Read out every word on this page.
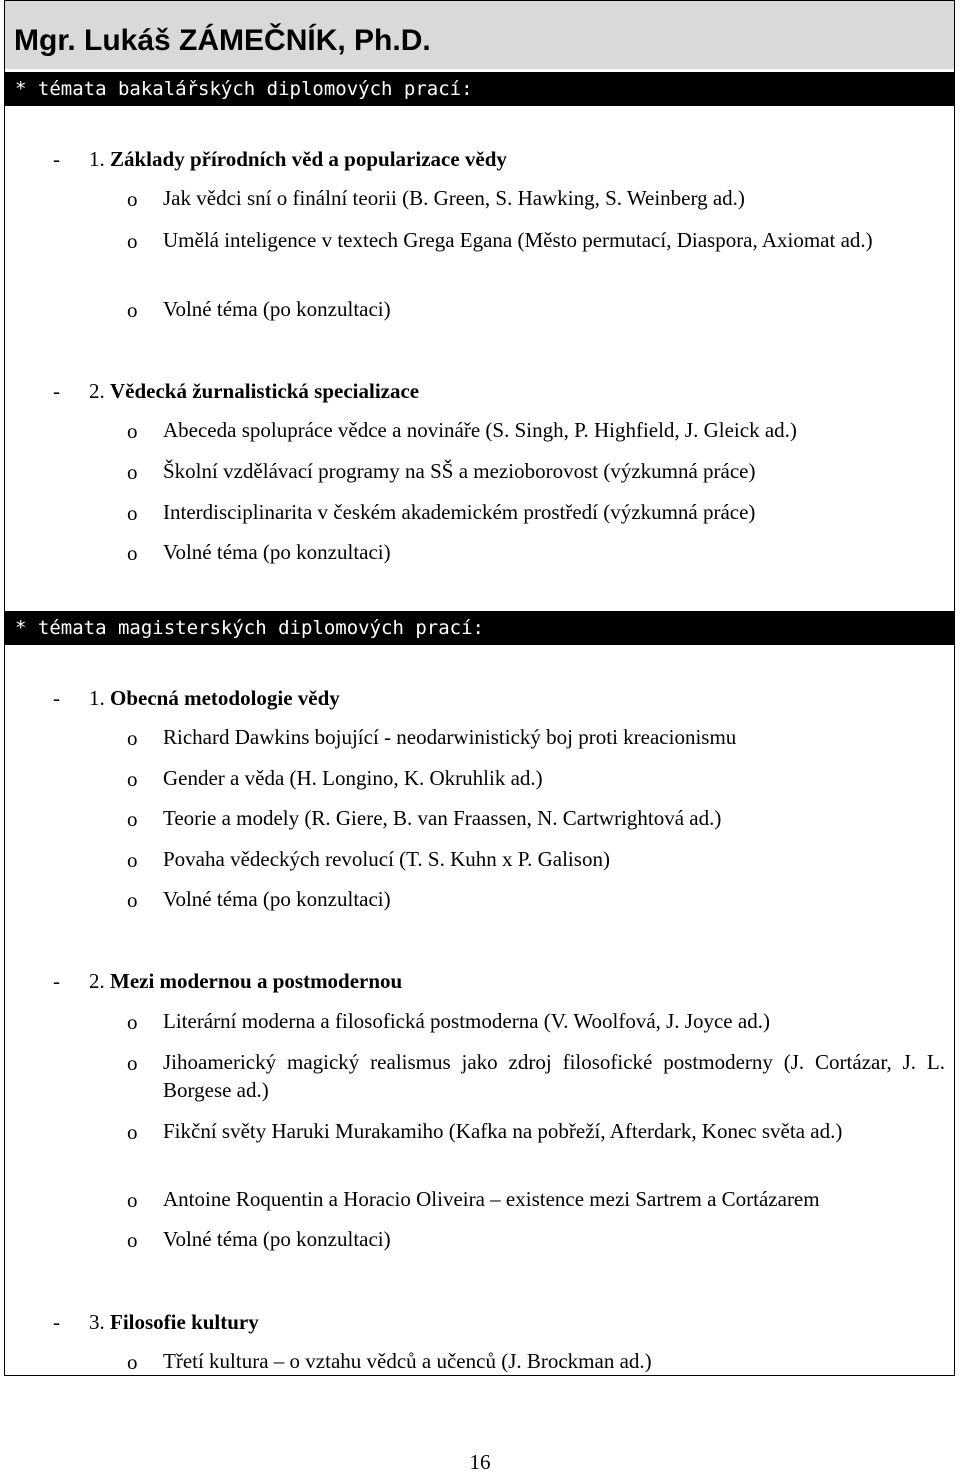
Mgr. Lukáš ZÁMEČNÍK, Ph.D.
* témata bakalářských diplomových prací:
- 1. Základy přírodních věd a popularizace vědy
o Jak vědci sní o finální teorii (B. Green, S. Hawking, S. Weinberg ad.)
o Umělá inteligence v textech Grega Egana (Město permutací, Diaspora, Axiomat ad.)
o Volné téma (po konzultaci)
- 2. Vědecká žurnalistická specializace
o Abeceda spolupráce vědce a novináře (S. Singh, P. Highfield, J. Gleick ad.)
o Školní vzdělávací programy na SŠ a mezioborovost (výzkumná práce)
o Interdisciplinarita v českém akademickém prostředí (výzkumná práce)
o Volné téma (po konzultaci)
* témata magisterských diplomových prací:
- 1. Obecná metodologie vědy
o Richard Dawkins bojující - neodarwinistický boj proti kreacionismu
o Gender a věda (H. Longino, K. Okruhlik ad.)
o Teorie a modely (R. Giere, B. van Fraassen, N. Cartwrightová ad.)
o Povaha vědeckých revolucí (T. S. Kuhn x P. Galison)
o Volné téma (po konzultaci)
- 2. Mezi modernou a postmodernou
o Literární moderna a filosofická postmoderna (V. Woolfová, J. Joyce ad.)
o Jihoamerický magický realismus jako zdroj filosofické postmoderny (J. Cortázar, J. L. Borgese ad.)
o Fikční světy Haruki Murakamiho (Kafka na pobřeží, Afterdark, Konec světa ad.)
o Antoine Roquentin a Horacio Oliveira – existence mezi Sartrem a Cortázarem
o Volné téma (po konzultaci)
- 3. Filosofie kultury
o Třetí kultura – o vztahu vědců a učenců (J. Brockman ad.)
16
